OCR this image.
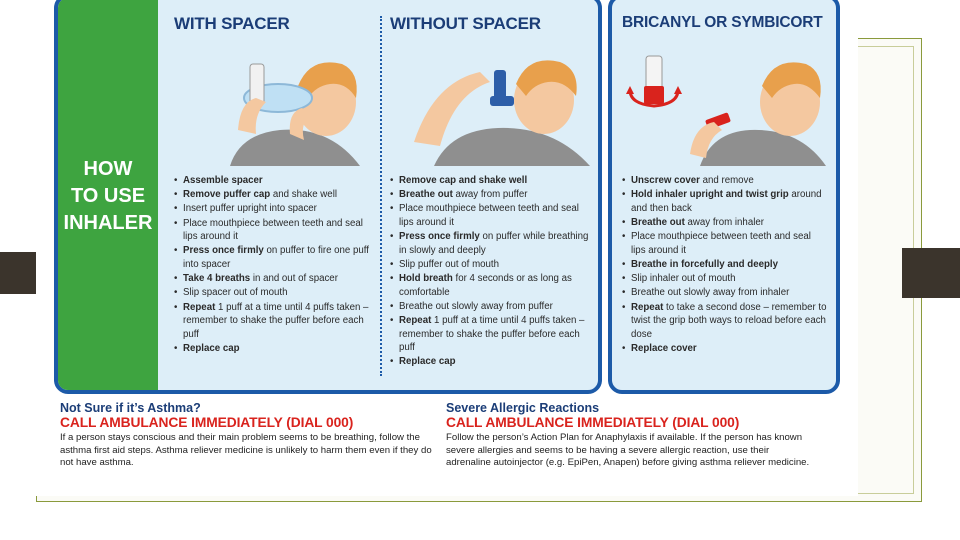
HOW
TO USE
INHALER
WITH SPACER	WITHOUT SPACER
• Assemble spacer
• Remove puffer cap and shake well
• Insert puffer upright into spacer
• Place mouthpiece between teeth and seal lips around it
• Press once firmly on puffer to fire one puff into spacer
• Take 4 breaths in and out of spacer
• Slip spacer out of mouth
• Repeat 1 puff at a time until 4 puffs taken – remember to shake the puffer before each puff
• Replace cap
• Remove cap and shake well
• Breathe out away from puffer
• Place mouthpiece between teeth and seal lips around it
• Press once firmly on puffer while breathing in slowly and deeply
• Slip puffer out of mouth
• Hold breath for 4 seconds or as long as comfortable
• Breathe out slowly away from puffer
• Repeat 1 puff at a time until 4 puffs taken – remember to shake the puffer before each puff
• Replace cap
BRICANYL OR SYMBICORT
• Unscrew cover and remove
• Hold inhaler upright and twist grip around and then back
• Breathe out away from inhaler
• Place mouthpiece between teeth and seal lips around it
• Breathe in forcefully and deeply
• Slip inhaler out of mouth
• Breathe out slowly away from inhaler
• Repeat to take a second dose – remember to twist the grip both ways to reload before each dose
• Replace cover
Not Sure if it’s Asthma?
CALL AMBULANCE IMMEDIATELY (DIAL 000)
If a person stays conscious and their main problem seems to be breathing, follow the asthma first aid steps. Asthma reliever medicine is unlikely to harm them even if they do not have asthma.
Severe Allergic Reactions
CALL AMBULANCE IMMEDIATELY (DIAL 000)
Follow the person’s Action Plan for Anaphylaxis if available. If the person has known severe allergies and seems to be having a severe allergic reaction, use their adrenaline autoinjector (e.g. EpiPen, Anapen) before giving asthma reliever medicine.
